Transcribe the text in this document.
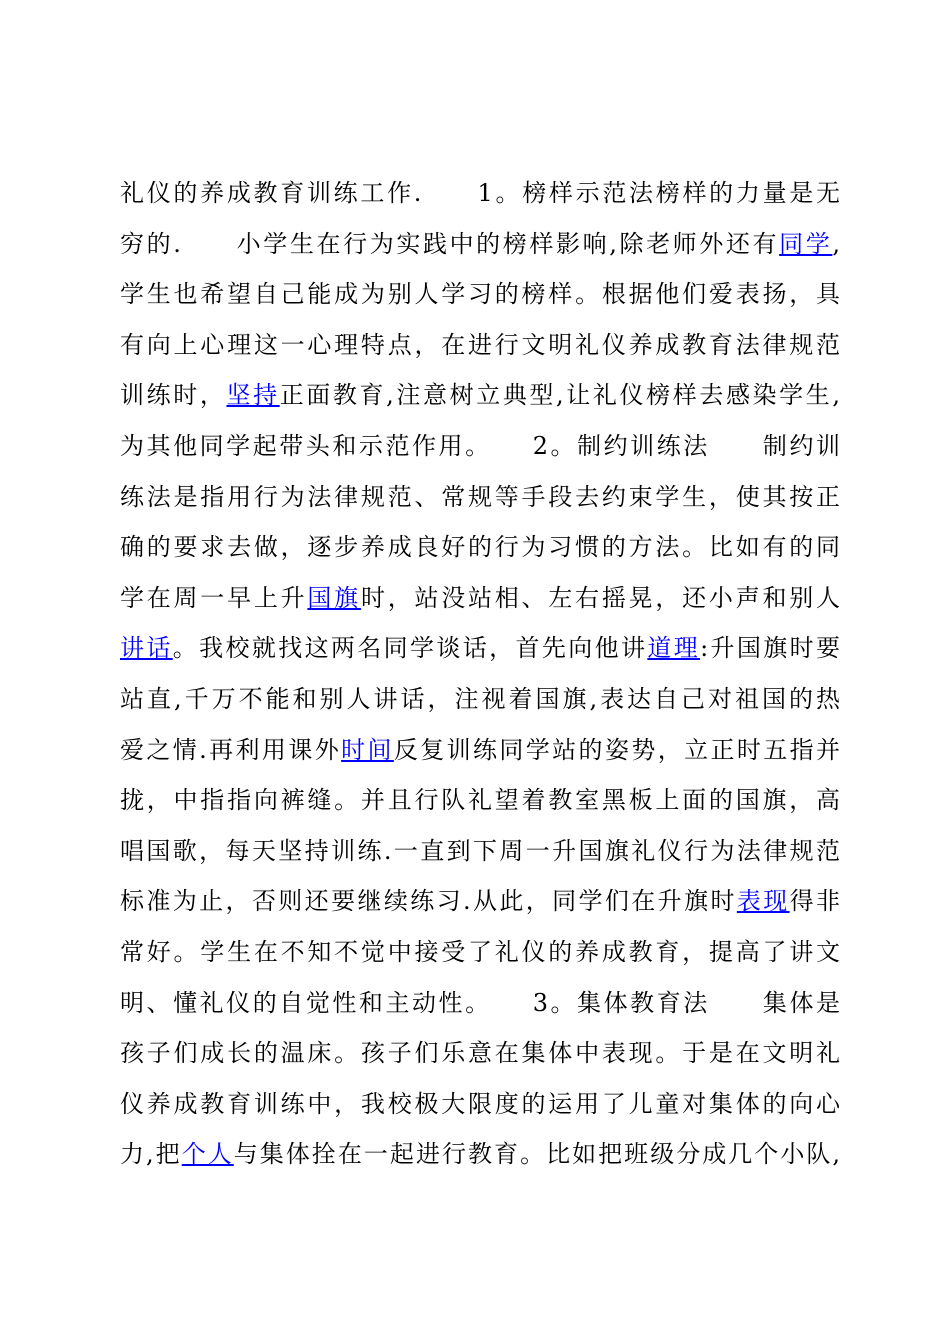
礼仪的养成教育训练工作.　　1。榜样示范法榜样的力量是无
穷的.　　小学生在行为实践中的榜样影响,除老师外还有同学,
学生也希望自己能成为别人学习的榜样。根据他们爱表扬，具
有向上心理这一心理特点，在进行文明礼仪养成教育法律规范
训练时，坚持正面教育,注意树立典型,让礼仪榜样去感染学生,
为其他同学起带头和示范作用。　　2。制约训练法　　制约训
练法是指用行为法律规范、常规等手段去约束学生，使其按正
确的要求去做，逐步养成良好的行为习惯的方法。比如有的同
学在周一早上升国旗时，站没站相、左右摇晃，还小声和别人
讲话。我校就找这两名同学谈话，首先向他讲道理:升国旗时要
站直,千万不能和别人讲话，注视着国旗,表达自己对祖国的热
爱之情.再利用课外时间反复训练同学站的姿势，立正时五指并
拢，中指指向裤缝。并且行队礼望着教室黑板上面的国旗，高
唱国歌，每天坚持训练.一直到下周一升国旗礼仪行为法律规范
标准为止，否则还要继续练习.从此，同学们在升旗时表现得非
常好。学生在不知不觉中接受了礼仪的养成教育，提高了讲文
明、懂礼仪的自觉性和主动性。　　3。集体教育法　　集体是
孩子们成长的温床。孩子们乐意在集体中表现。于是在文明礼
仪养成教育训练中，我校极大限度的运用了儿童对集体的向心
力,把个人与集体拴在一起进行教育。比如把班级分成几个小队,
